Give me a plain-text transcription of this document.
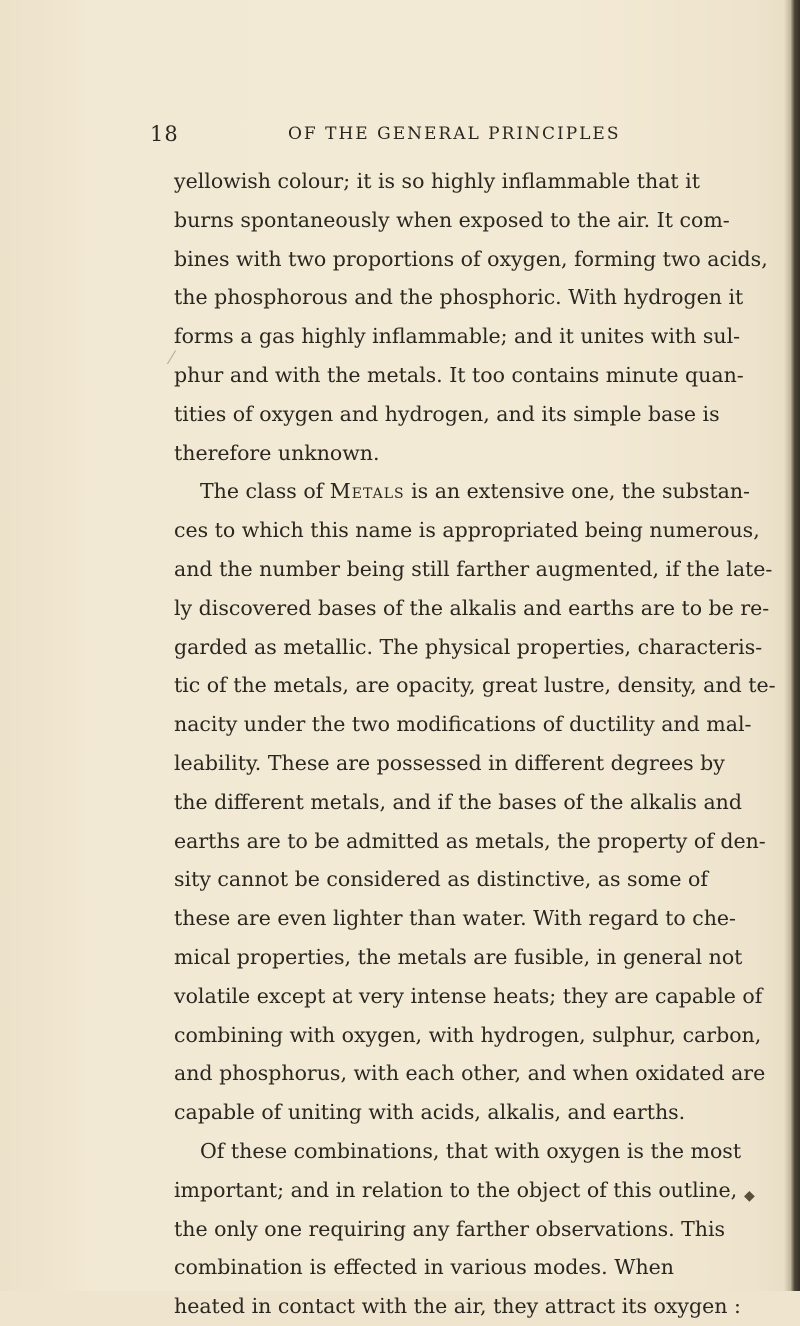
18	OF THE GENERAL PRINCIPLES
⁄
yellowish colour; it is so highly inflammable that it
burns spontaneously when exposed to the air. It com-
bines with two proportions of oxygen, forming two acids,
the phosphorous and the phosphoric. With hydrogen it
forms a gas highly inflammable; and it unites with sul-
phur and with the metals. It too contains minute quan-
tities of oxygen and hydrogen, and its simple base is
therefore unknown.
The class of Metals is an extensive one, the substan-
ces to which this name is appropriated being numerous,
and the number being still farther augmented, if the late-
ly discovered bases of the alkalis and earths are to be re-
garded as metallic. The physical properties, characteris-
tic of the metals, are opacity, great lustre, density, and te-
nacity under the two modifications of ductility and mal-
leability. These are possessed in different degrees by
the different metals, and if the bases of the alkalis and
earths are to be admitted as metals, the property of den-
sity cannot be considered as distinctive, as some of
these are even lighter than water. With regard to che-
mical properties, the metals are fusible, in general not
volatile except at very intense heats; they are capable of
combining with oxygen, with hydrogen, sulphur, carbon,
and phosphorus, with each other, and when oxidated are
capable of uniting with acids, alkalis, and earths.
Of these combinations, that with oxygen is the most
important; and in relation to the object of this outline,
the only one requiring any farther observations. This
combination is effected in various modes. When
heated in contact with the air, they attract its oxygen :
◆
